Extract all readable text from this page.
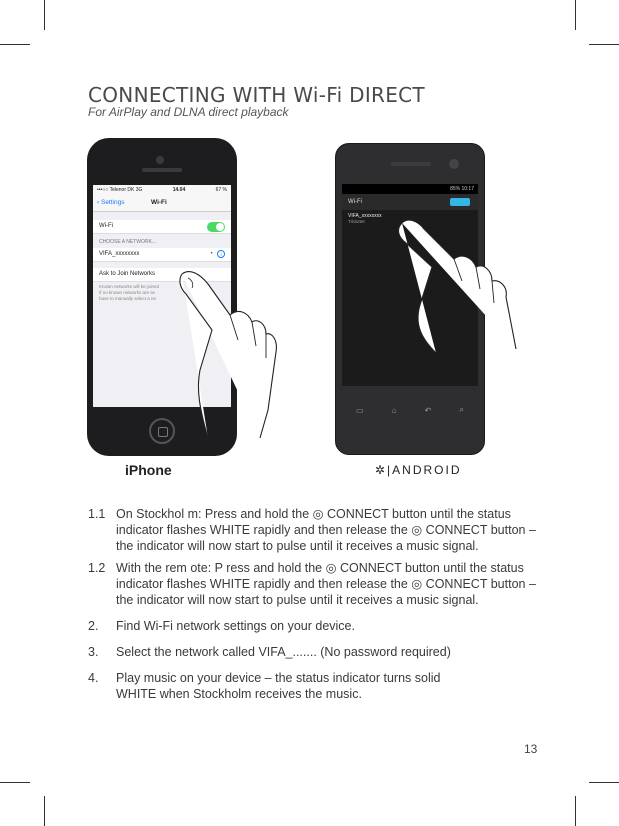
CONNECTING WITH Wi-Fi DIRECT
For AirPlay and DLNA direct playback
•••○○ Telenor DK 3G	14.04	67 %
‹ Settings	Wi-Fi
Wi-Fi
CHOOSE A NETWORK...
VIFA_xxxxxxxx	◔	i
Ask to Join Networks
Known networks will be joined
If no known networks are av
have to manually select a ne
85% 10:17
Wi-Fi
VIFA_xxxxxxxx
Tilsluttet
▭	⌂	↶	⌕
iPhone	✲|ANDROID
1.1 On Stockhol m: Press and hold the ◎ CONNECT button until the status indicator flashes WHITE rapidly and then release the ◎ CONNECT button – the indicator will now start to pulse until it receives a music signal.
1.2 With the rem ote: P ress and hold the ◎ CONNECT button until the status indicator flashes WHITE rapidly and then release the ◎ CONNECT button – the indicator will now start to pulse until it receives a music signal.
2. Find Wi-Fi network settings on your device.
3. Select the network called VIFA_....... (No password required)
4. Play music on your device – the status indicator turns solid WHITE when Stockholm receives the music.
13
